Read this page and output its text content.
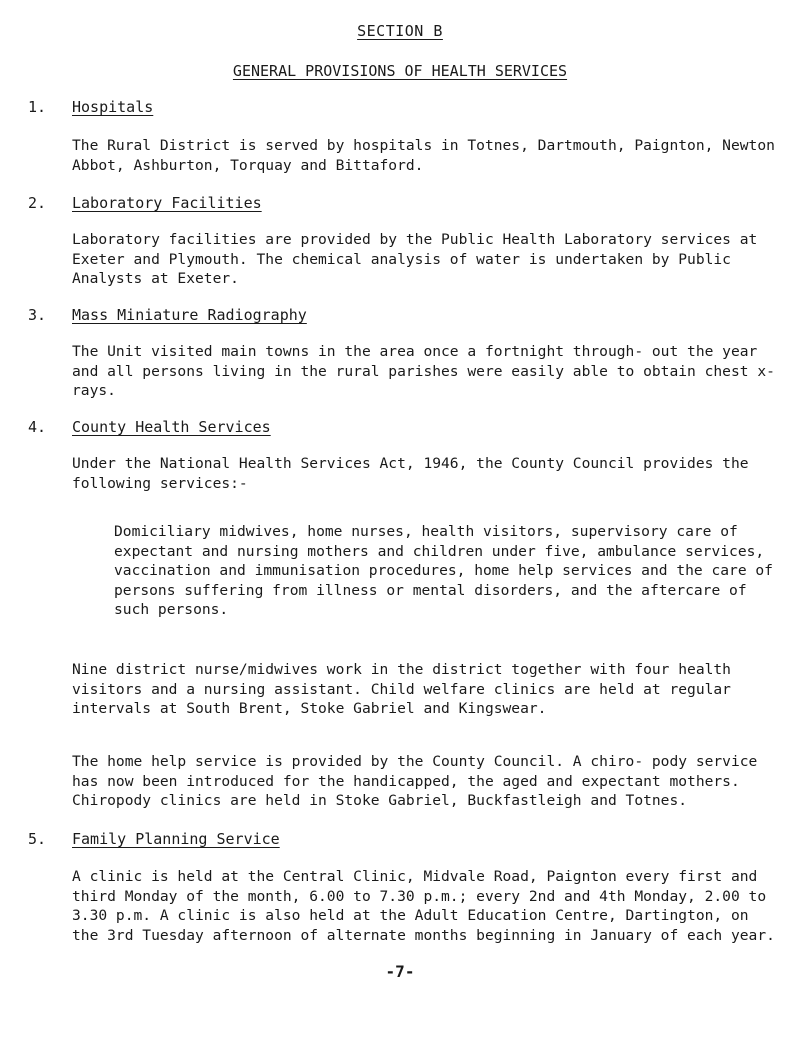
SECTION B
GENERAL PROVISIONS OF HEALTH SERVICES
1. Hospitals
The Rural District is served by hospitals in Totnes, Dartmouth, Paignton, Newton Abbot, Ashburton, Torquay and Bittaford.
2. Laboratory Facilities
Laboratory facilities are provided by the Public Health Laboratory services at Exeter and Plymouth. The chemical analysis of water is undertaken by Public Analysts at Exeter.
3. Mass Miniature Radiography
The Unit visited main towns in the area once a fortnight through- out the year and all persons living in the rural parishes were easily able to obtain chest x-rays.
4. County Health Services
Under the National Health Services Act, 1946, the County Council provides the following services:-
Domiciliary midwives, home nurses, health visitors, supervisory care of expectant and nursing mothers and children under five, ambulance services, vaccination and immunisation procedures, home help services and the care of persons suffering from illness or mental disorders, and the aftercare of such persons.
Nine district nurse/midwives work in the district together with four health visitors and a nursing assistant. Child welfare clinics are held at regular intervals at South Brent, Stoke Gabriel and Kingswear.
The home help service is provided by the County Council. A chiro- pody service has now been introduced for the handicapped, the aged and expectant mothers. Chiropody clinics are held in Stoke Gabriel, Buckfastleigh and Totnes.
5. Family Planning Service
A clinic is held at the Central Clinic, Midvale Road, Paignton every first and third Monday of the month, 6.00 to 7.30 p.m.; every 2nd and 4th Monday, 2.00 to 3.30 p.m. A clinic is also held at the Adult Education Centre, Dartington, on the 3rd Tuesday afternoon of alternate months beginning in January of each year.
-7-
